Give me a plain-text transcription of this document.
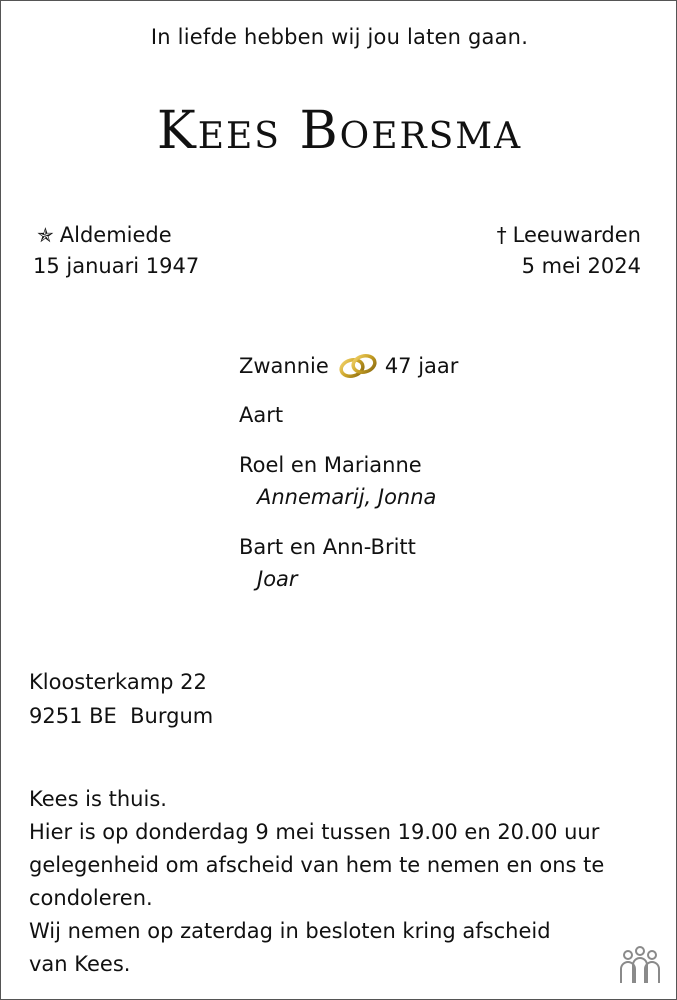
In liefde hebben wij jou laten gaan.
Kees Boersma
✯ Aldemiede
15 januari 1947
† Leeuwarden
5 mei 2024
Zwannie	47 jaar
Aart
Roel en Marianne
Annemarij, Jonna
Bart en Ann-Britt
Joar
Kloosterkamp 22
9251 BE  Burgum
Kees is thuis.
Hier is op donderdag 9 mei tussen 19.00 en 20.00 uur
gelegenheid om afscheid van hem te nemen en ons te
condoleren.
Wij nemen op zaterdag in besloten kring afscheid
van Kees.
